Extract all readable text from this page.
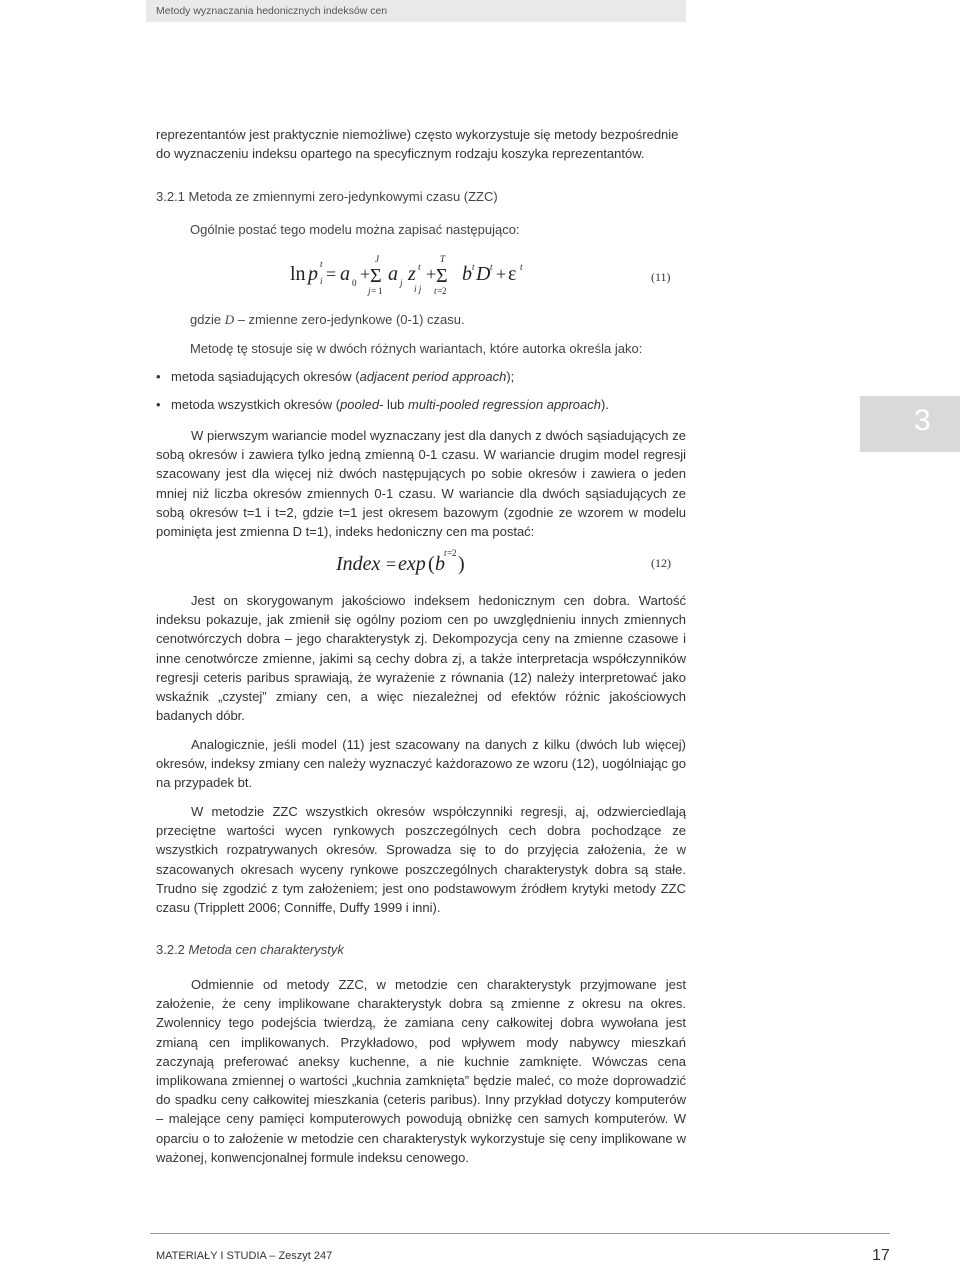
Metody wyznaczania hedonicznych indeksów cen
3
reprezentantów jest praktycznie niemożliwe) często wykorzystuje się metody bezpośrednie
do wyznaczeniu indeksu opartego na specyficznym rodzaju koszyka reprezentantów.
3.2.1 Metoda ze zmiennymi zero-jedynkowymi czasu (ZZC)
Ogólnie postać tego modelu można zapisać następująco:
ln p t
i = a 0 + Σ
J
j= 1
a j z t
i j
+ Σ
T
t= 2
b t D t + ε t
(11)
gdzie D – zmienne zero-jedynkowe (0-1) czasu.
Metodę tę stosuje się w dwóch różnych wariantach, które autorka określa jako:
• metoda sąsiadujących okresów (adjacent period approach);
• metoda wszystkich okresów (pooled- lub multi-pooled regression approach).
W pierwszym wariancie model wyznaczany jest dla danych z dwóch sąsiadujących ze sobą okresów i zawiera tylko jedną zmienną 0-1 czasu. W wariancie drugim model regresji szacowany jest dla więcej niż dwóch następujących po sobie okresów i zawiera o jeden mniej niż liczba okresów zmiennych 0-1 czasu. W wariancie dla dwóch sąsiadujących ze sobą okresów t=1 i t=2, gdzie t=1 jest okresem bazowym (zgodnie ze wzorem w modelu pominięta jest zmienna D t=1), indeks hedoniczny cen ma postać:
Index = exp ( b t= 2 )	(12)
Jest on skorygowanym jakościowo indeksem hedonicznym cen dobra. Wartość indeksu pokazuje, jak zmienił się ogólny poziom cen po uwzględnieniu innych zmiennych cenotwórczych dobra – jego charakterystyk zj. Dekompozycja ceny na zmienne czasowe i inne cenotwórcze zmienne, jakimi są cechy dobra zj, a także interpretacja współczynników regresji ceteris paribus sprawiają, że wyrażenie z równania (12) należy interpretować jako wskaźnik „czystej” zmiany cen, a więc niezależnej od efektów różnic jakościowych badanych dóbr.
Analogicznie, jeśli model (11) jest szacowany na danych z kilku (dwóch lub więcej) okresów, indeksy zmiany cen należy wyznaczyć każdorazowo ze wzoru (12), uogólniając go na przypadek bt.
W metodzie ZZC wszystkich okresów współczynniki regresji, aj, odzwierciedlają przeciętne wartości wycen rynkowych poszczególnych cech dobra pochodzące ze wszystkich rozpatrywanych okresów. Sprowadza się to do przyjęcia założenia, że w szacowanych okresach wyceny rynkowe poszczególnych charakterystyk dobra są stałe. Trudno się zgodzić z tym założeniem; jest ono podstawowym źródłem krytyki metody ZZC czasu (Tripplett 2006; Conniffe, Duffy 1999 i inni).
3.2.2 Metoda cen charakterystyk
Odmiennie od metody ZZC, w metodzie cen charakterystyk przyjmowane jest założenie, że ceny implikowane charakterystyk dobra są zmienne z okresu na okres. Zwolennicy tego podejścia twierdzą, że zamiana ceny całkowitej dobra wywołana jest zmianą cen implikowanych. Przykładowo, pod wpływem mody nabywcy mieszkań zaczynają preferować aneksy kuchenne, a nie kuchnie zamknięte. Wówczas cena implikowana zmiennej o wartości „kuchnia zamknięta” będzie maleć, co może doprowadzić do spadku ceny całkowitej mieszkania (ceteris paribus). Inny przykład dotyczy komputerów – malejące ceny pamięci komputerowych powodują obniżkę cen samych komputerów. W oparciu o to założenie w metodzie cen charakterystyk wykorzystuje się ceny implikowane w ważonej, konwencjonalnej formule indeksu cenowego.
MATERIAŁY I STUDIA – Zeszyt 247	17
